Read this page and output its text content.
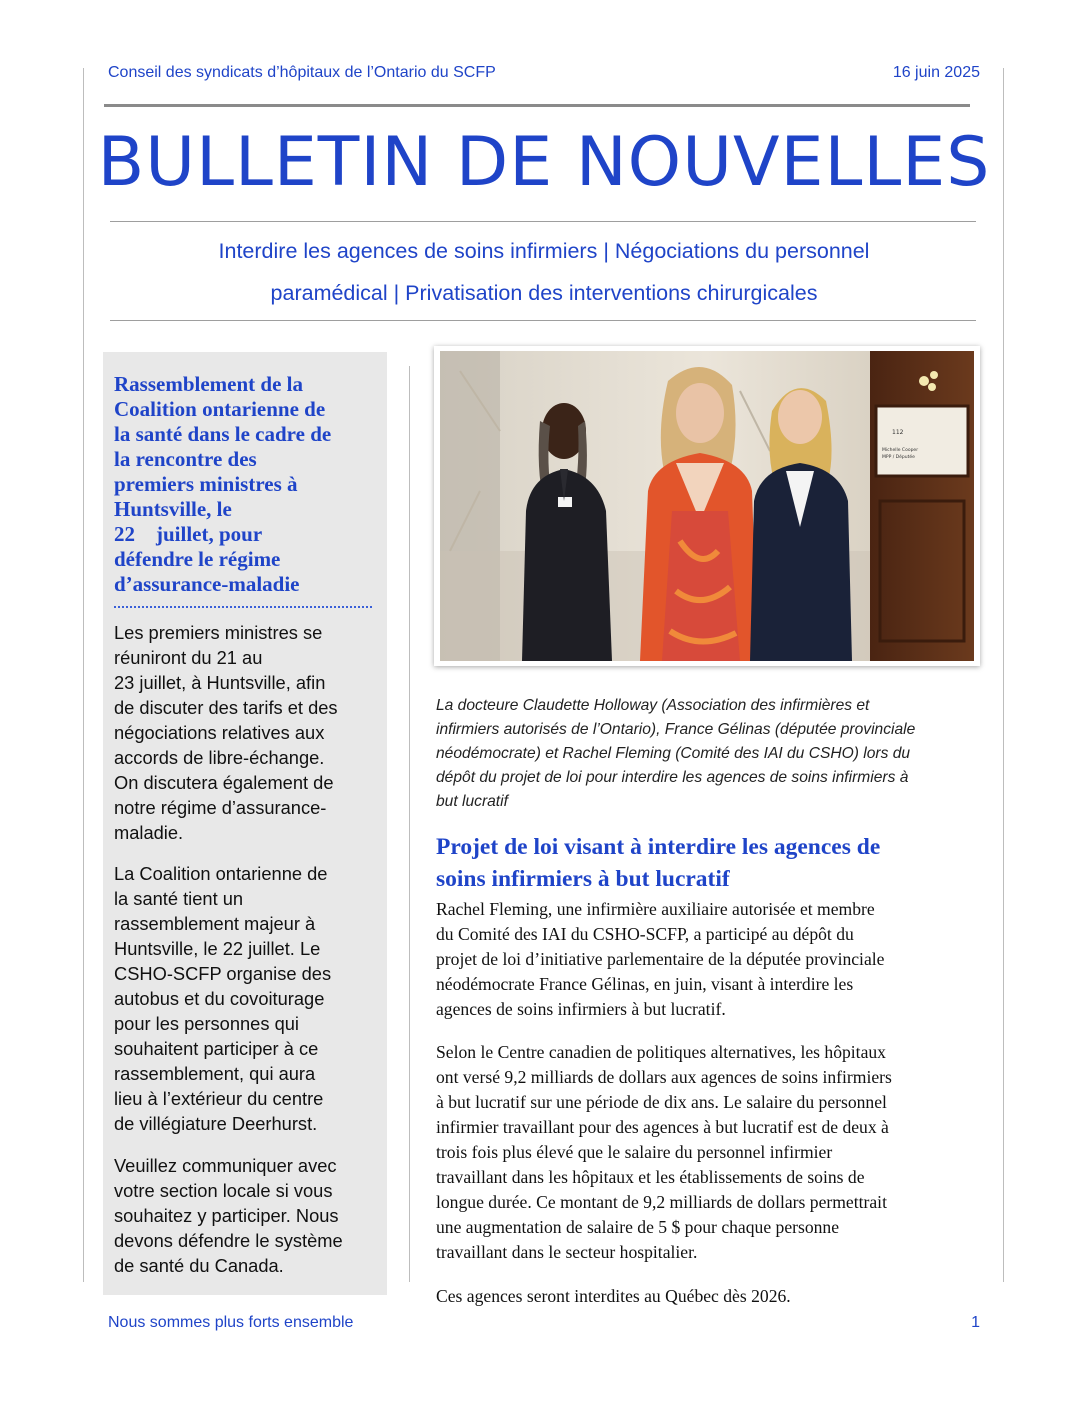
Conseil des syndicats d’hôpitaux de l’Ontario du SCFP	16 juin 2025
BULLETIN DE NOUVELLES
Interdire les agences de soins infirmiers | Négociations du personnel
paramédical | Privatisation des interventions chirurgicales
Rassemblement de la
Coalition ontarienne de
la santé dans le cadre de
la rencontre des
premiers ministres à
Huntsville, le
22 juillet, pour
défendre le régime
d’assurance-maladie
Les premiers ministres se
réuniront du 21 au
23 juillet, à Huntsville, afin
de discuter des tarifs et des
négociations relatives aux
accords de libre-échange.
On discutera également de
notre régime d’assurance-
maladie.
La Coalition ontarienne de
la santé tient un
rassemblement majeur à
Huntsville, le 22 juillet. Le
CSHO-SCFP organise des
autobus et du covoiturage
pour les personnes qui
souhaitent participer à ce
rassemblement, qui aura
lieu à l’extérieur du centre
de villégiature Deerhurst.
Veuillez communiquer avec
votre section locale si vous
souhaitez y participer. Nous
devons défendre le système
de santé du Canada.
112
Michelle Cooper
MPP / Députée
La docteure Claudette Holloway (Association des infirmières et
infirmiers autorisés de l’Ontario), France Gélinas (députée provinciale
néodémocrate) et Rachel Fleming (Comité des IAI du CSHO) lors du
dépôt du projet de loi pour interdire les agences de soins infirmiers à
but lucratif
Projet de loi visant à interdire les agences de
soins infirmiers à but lucratif
Rachel Fleming, une infirmière auxiliaire autorisée et membre
du Comité des IAI du CSHO-SCFP, a participé au dépôt du
projet de loi d’initiative parlementaire de la députée provinciale
néodémocrate France Gélinas, en juin, visant à interdire les
agences de soins infirmiers à but lucratif.
Selon le Centre canadien de politiques alternatives, les hôpitaux
ont versé 9,2 milliards de dollars aux agences de soins infirmiers
à but lucratif sur une période de dix ans. Le salaire du personnel
infirmier travaillant pour des agences à but lucratif est de deux à
trois fois plus élevé que le salaire du personnel infirmier
travaillant dans les hôpitaux et les établissements de soins de
longue durée. Ce montant de 9,2 milliards de dollars permettrait
une augmentation de salaire de 5 $ pour chaque personne
travaillant dans le secteur hospitalier.
Ces agences seront interdites au Québec dès 2026.
Nous sommes plus forts ensemble	1
